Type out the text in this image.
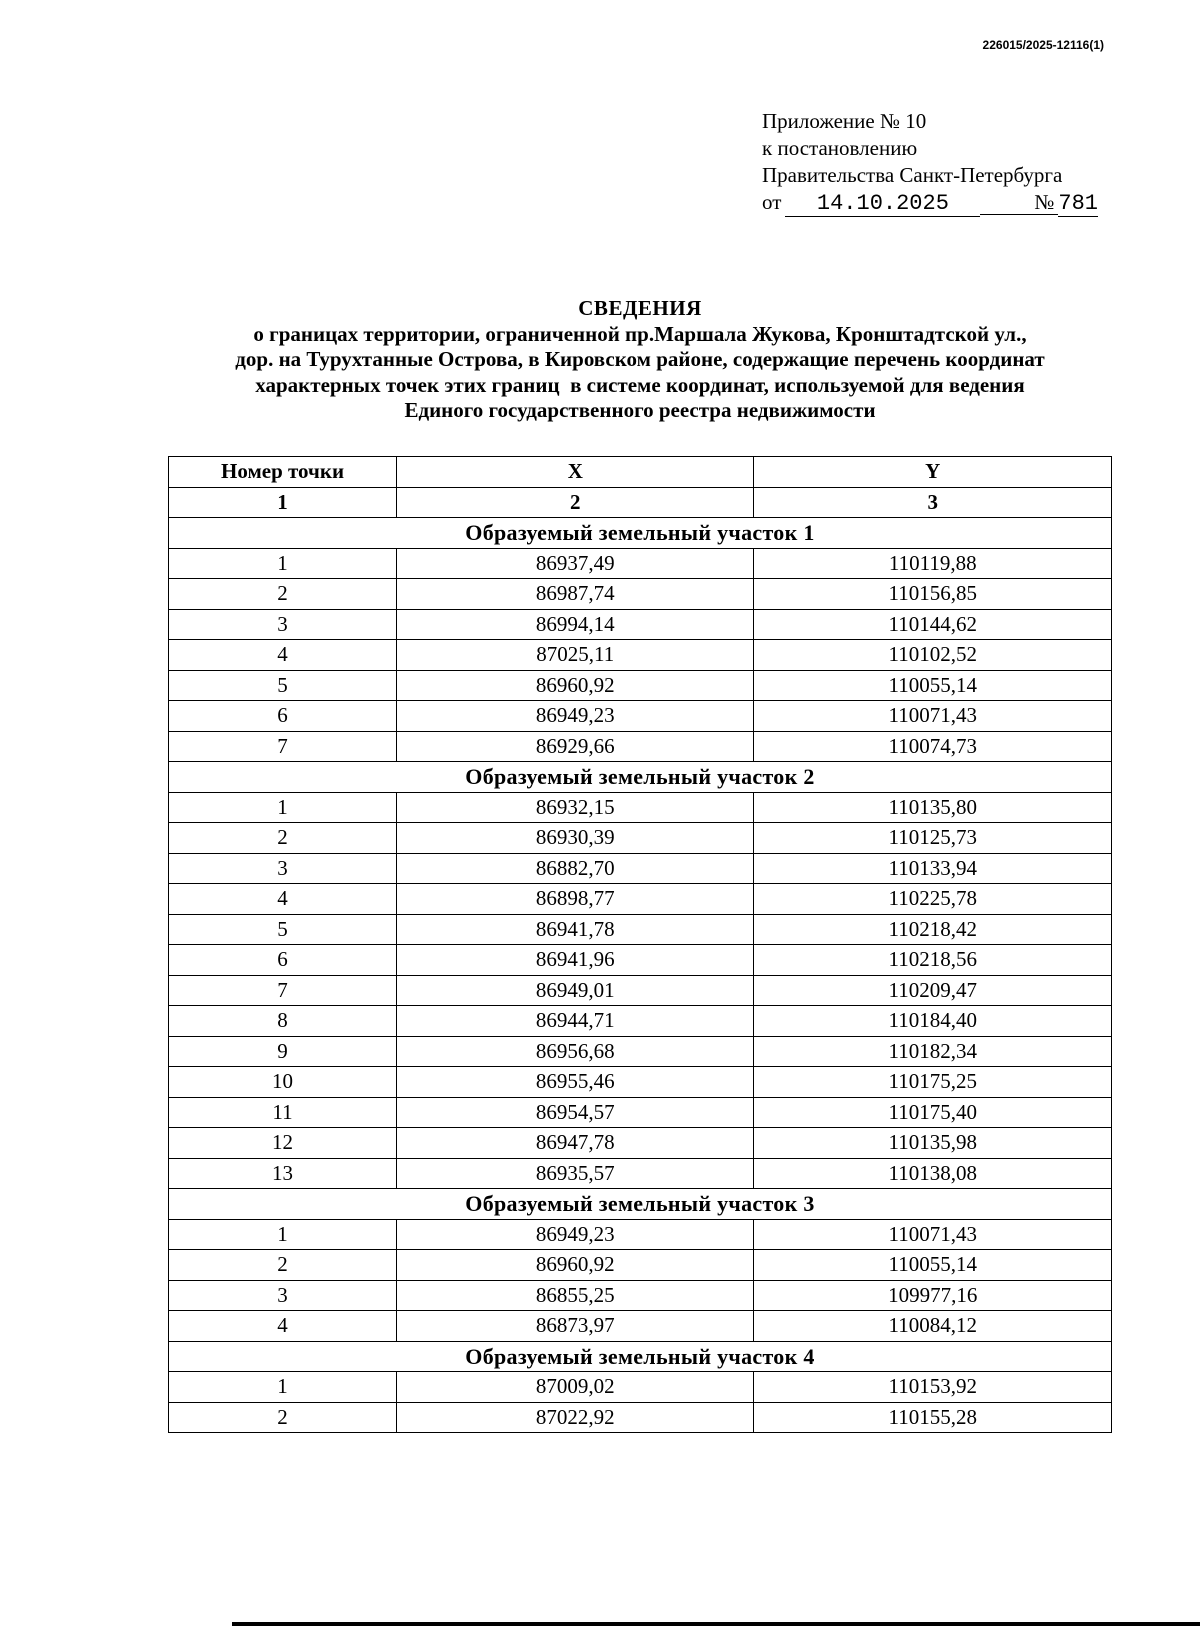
226015/2025-12116(1)
Приложение № 10
к постановлению
Правительства Санкт-Петербурга
от	14.10.2025	№ 781
СВЕДЕНИЯ
о границах территории, ограниченной пр.Маршала Жукова, Кронштадтской ул.,
дор. на Турухтанные Острова, в Кировском районе, содержащие перечень координат
характерных точек этих границ  в системе координат, используемой для ведения
Единого государственного реестра недвижимости
Номер точки	X	Y
1	2	3
Образуемый земельный участок 1		
1	86937,49	110119,88
2	86987,74	110156,85
3	86994,14	110144,62
4	87025,11	110102,52
5	86960,92	110055,14
6	86949,23	110071,43
7	86929,66	110074,73
Образуемый земельный участок 2		
1	86932,15	110135,80
2	86930,39	110125,73
3	86882,70	110133,94
4	86898,77	110225,78
5	86941,78	110218,42
6	86941,96	110218,56
7	86949,01	110209,47
8	86944,71	110184,40
9	86956,68	110182,34
10	86955,46	110175,25
11	86954,57	110175,40
12	86947,78	110135,98
13	86935,57	110138,08
Образуемый земельный участок 3		
1	86949,23	110071,43
2	86960,92	110055,14
3	86855,25	109977,16
4	86873,97	110084,12
Образуемый земельный участок 4		
1	87009,02	110153,92
2	87022,92	110155,28
